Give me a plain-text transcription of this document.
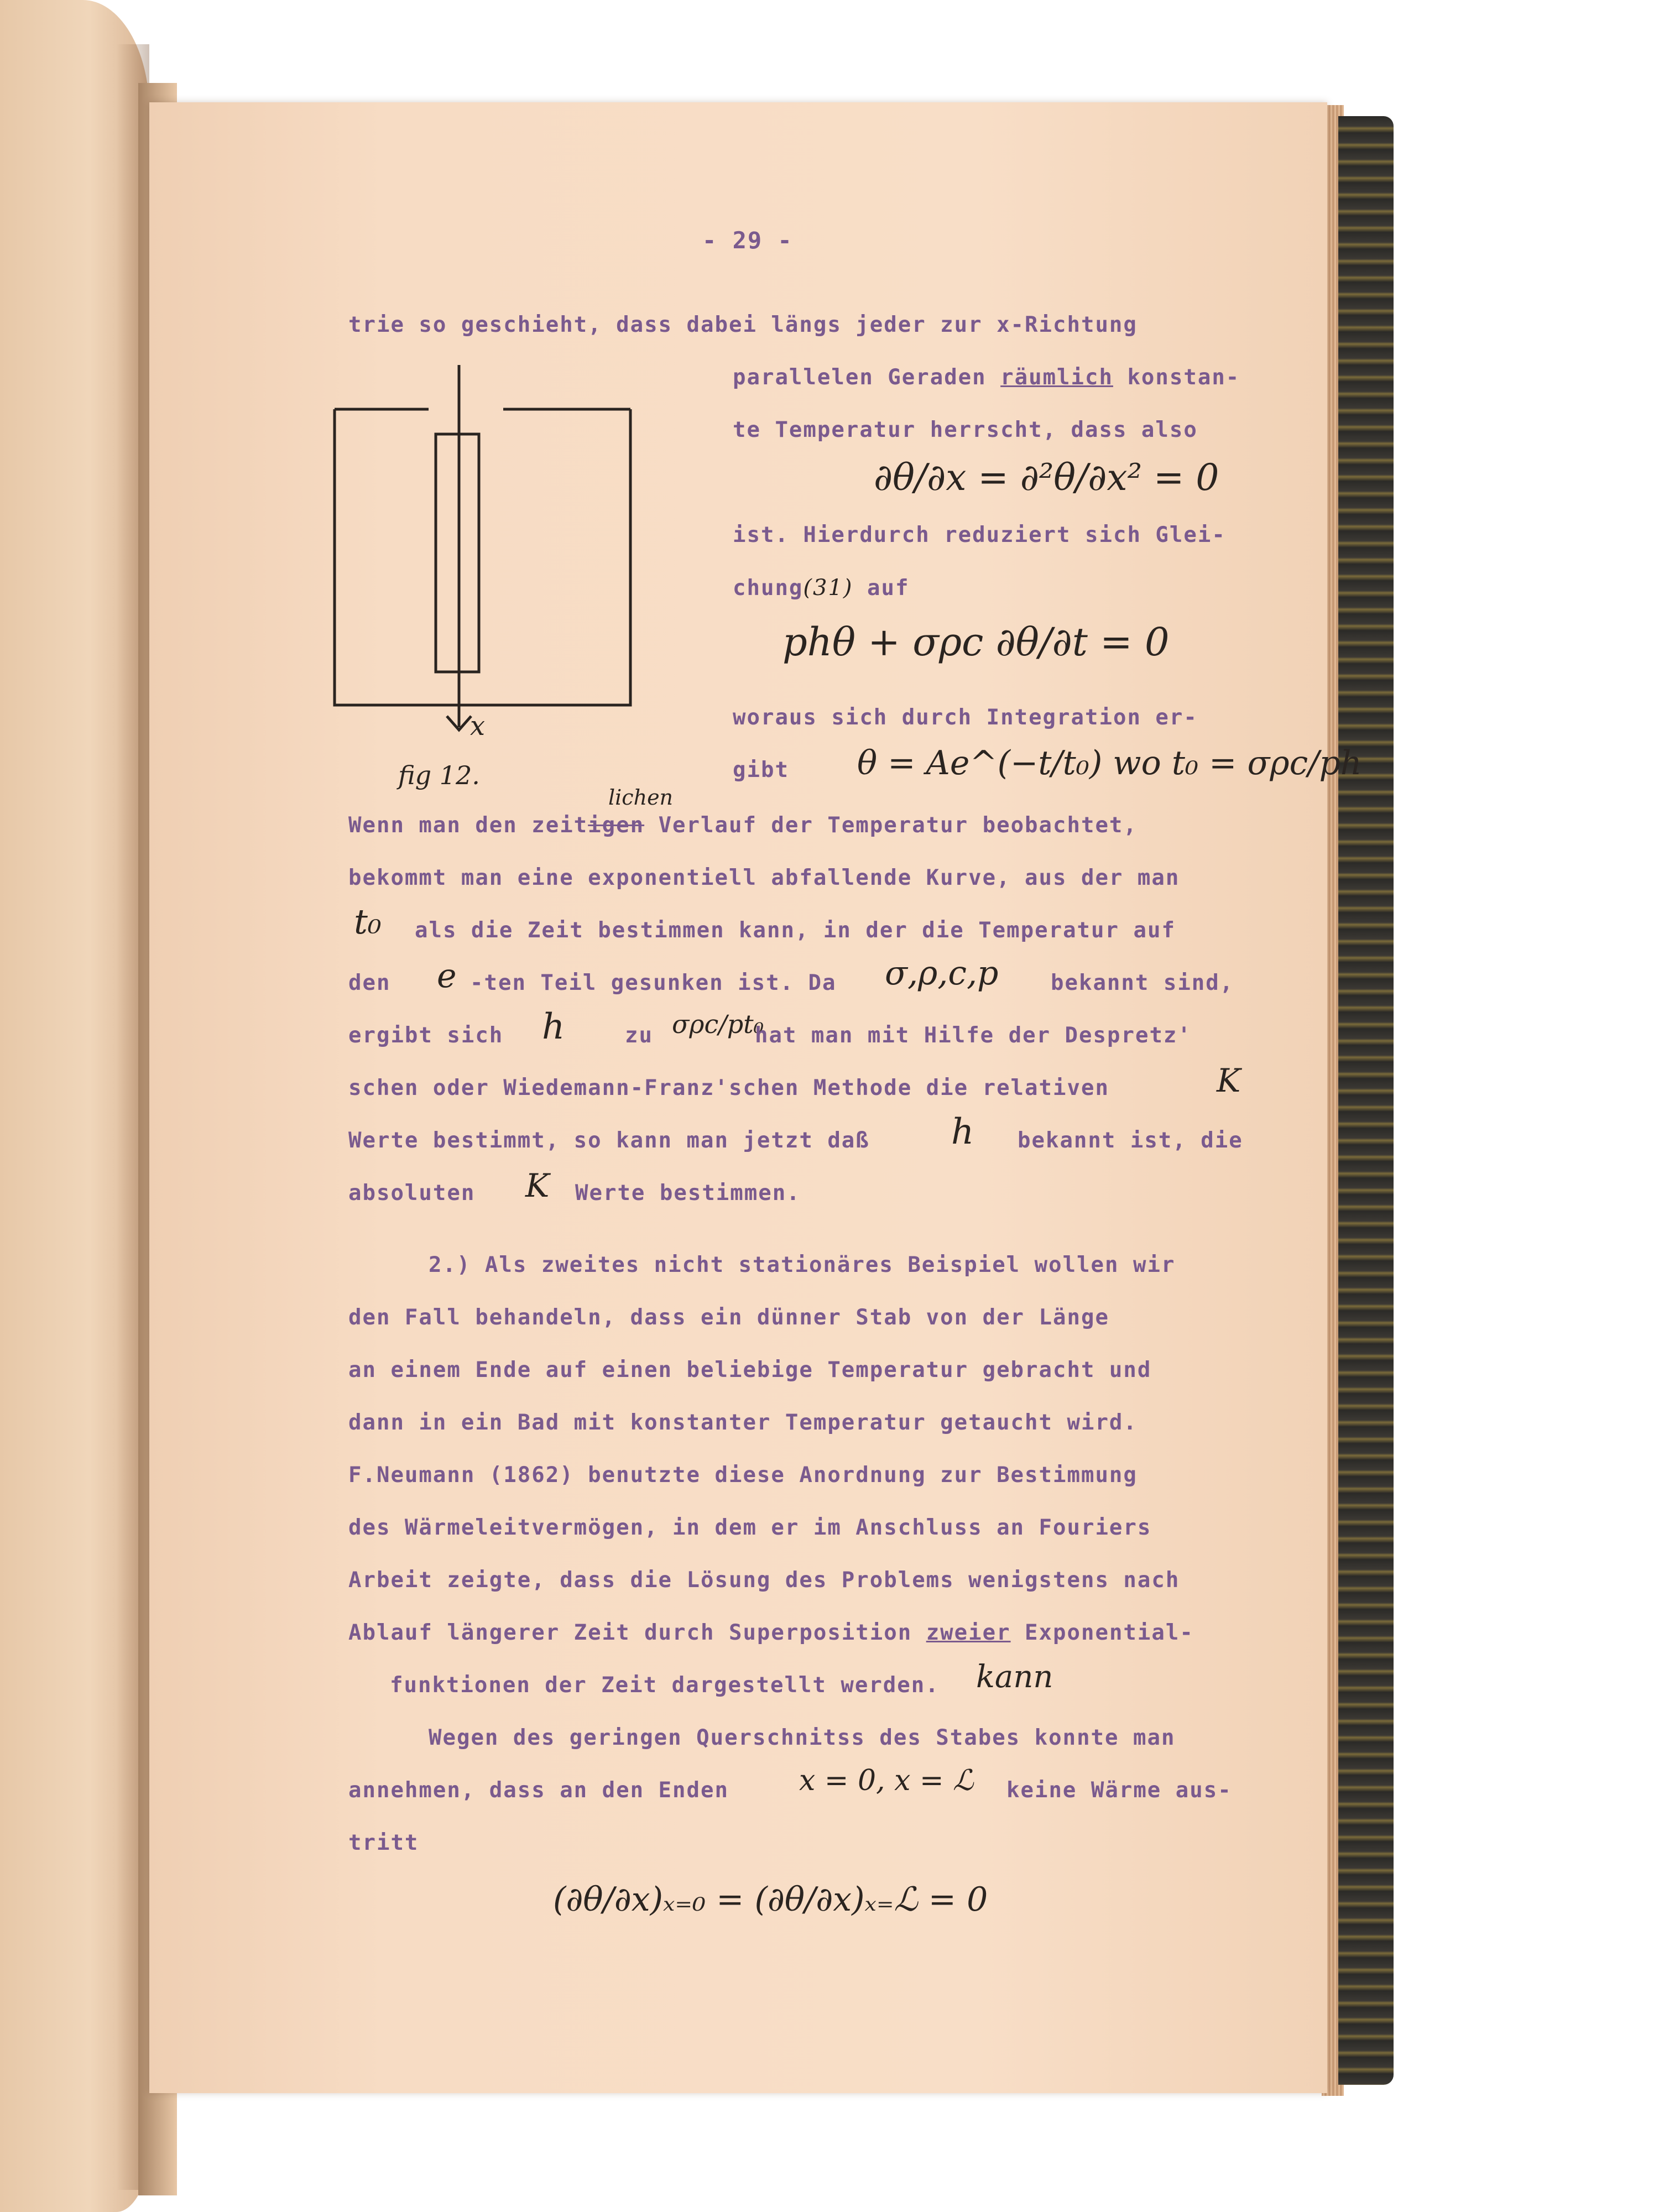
- 29 -
trie so geschieht, dass dabei längs jeder zur x-Richtung
parallelen Geraden räumlich konstan-
te Temperatur herrscht, dass also
∂θ/∂x = ∂²θ/∂x² = 0
ist. Hierdurch reduziert sich Glei-
chung(31) auf
phθ + σρc ∂θ/∂t = 0
woraus sich durch Integration er-
gibt θ = Ae^(−t/t₀) wo t₀ = σρc/ph
x
fig 12.
lichen
Wenn man den zeitigen Verlauf der Temperatur beobachtet,
bekommt man eine exponentiell abfallende Kurve, aus der man
t₀ als die Zeit bestimmen kann, in der die Temperatur auf
den e -ten Teil gesunken ist. Da σ,ρ,c,p bekannt sind,
ergibt sich h	zu σρc/pt₀
hat man mit Hilfe der Despretz'
schen oder Wiedemann-Franz'schen Methode die relativen	K
Werte bestimmt, so kann man jetzt daß h bekannt ist, die
absoluten K Werte bestimmen.
2.) Als zweites nicht stationäres Beispiel wollen wir
den Fall behandeln, dass ein dünner Stab von der Länge
an einem Ende auf einen beliebige Temperatur gebracht und
dann in ein Bad mit konstanter Temperatur getaucht wird.
F.Neumann (1862) benutzte diese Anordnung zur Bestimmung
des Wärmeleitvermögen, in dem er im Anschluss an Fouriers
Arbeit zeigte, dass die Lösung des Problems wenigstens nach
Ablauf längerer Zeit durch Superposition zweier Exponential-
funktionen der Zeit dargestellt werden. kann
Wegen des geringen Querschnitss des Stabes konnte man
annehmen, dass an den Enden x = 0, x = ℒ keine Wärme aus-
tritt
(∂θ/∂x)ₓ₌₀ = (∂θ/∂x)ₓ₌ℒ = 0
